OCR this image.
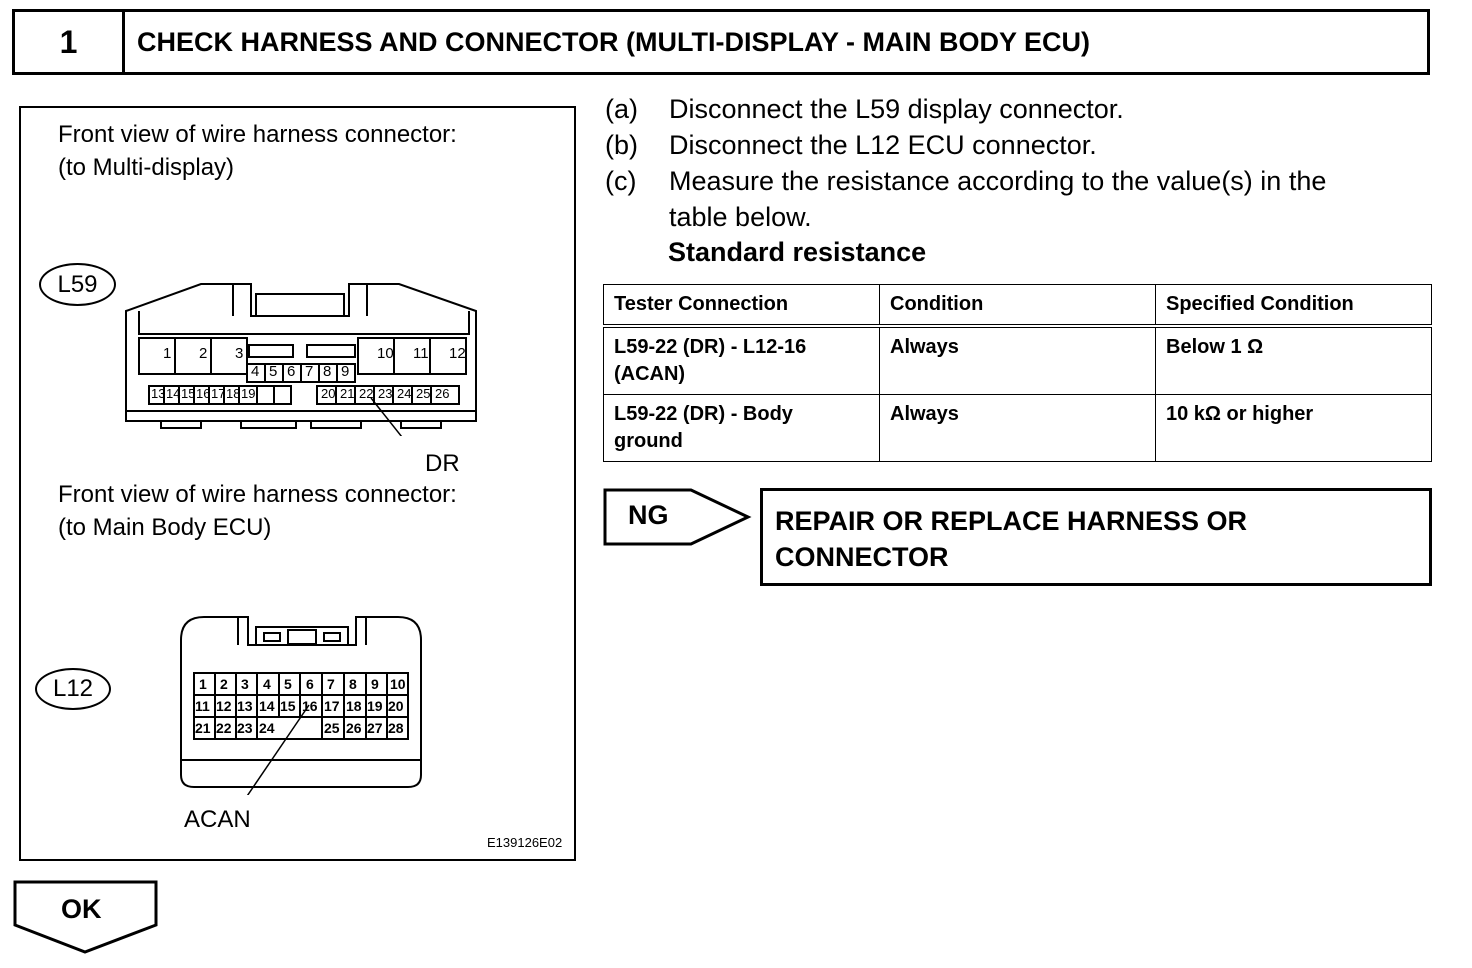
1	CHECK HARNESS AND CONNECTOR (MULTI-DISPLAY - MAIN BODY ECU)
Front view of wire harness connector:
(to Multi-display)
L59
1 2 3	10 11 12
4 5 6 7 8 9
13 14 15 16 17 18 19	20 21 22 23 24 25 26
DR
Front view of wire harness connector:
(to Main Body ECU)
L12	1 2 3 4 5 6 7 8 9 10
11 12 13 14 15 16 17 18 19 20
21 22 23 24	25 26 27 28
ACAN
E139126E02
(a) Disconnect the L59 display connector.
(b) Disconnect the L12 ECU connector.
(c) Measure the resistance according to the value(s) in the
table below.
Standard resistance
Tester Connection	Condition	Specified Condition
L59-22 (DR) - L12-16
(ACAN)	Always	Below 1 Ω
L59-22 (DR) - Body
ground	Always	10 kΩ or higher
NG	REPAIR OR REPLACE HARNESS OR
CONNECTOR
OK
